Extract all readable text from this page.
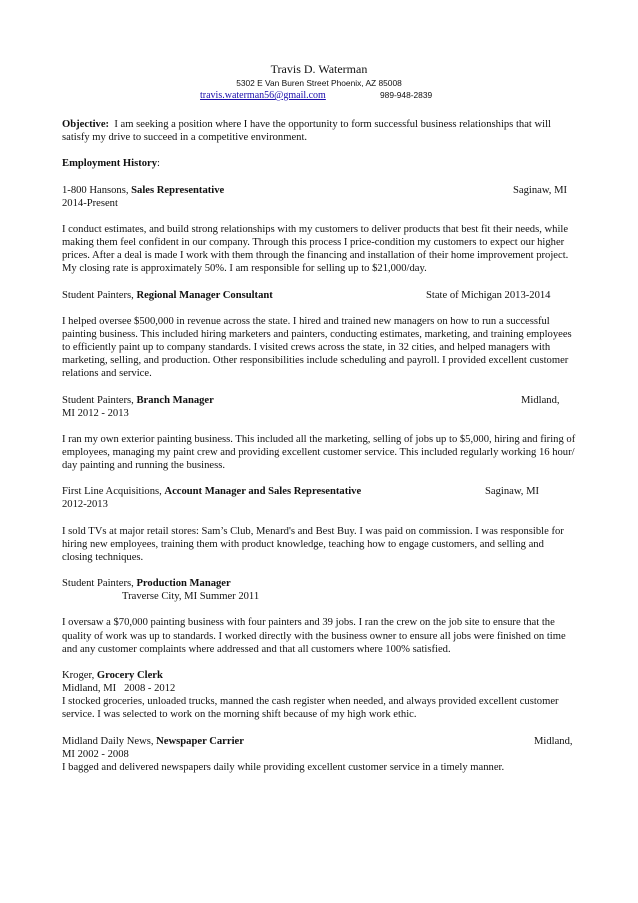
Travis D. Waterman
5302 E Van Buren Street Phoenix, AZ 85008
travis.waterman56@gmail.com	989-948-2839

Objective: I am seeking a position where I have the opportunity to form successful business relationships that will satisfy my drive to succeed in a competitive environment.

Employment History:

1-800 Hansons, Sales Representative	Saginaw, MI

2014-Present

I conduct estimates, and build strong relationships with my customers to deliver products that best fit their needs, while making them feel confident in our company. Through this process I price-condition my customers to expect our higher prices. After a deal is made I work with them through the financing and installation of their home improvement project. My closing rate is approximately 50%. I am responsible for selling up to $21,000/day.

Student Painters, Regional Manager Consultant	State of Michigan 2013-2014

I helped oversee $500,000 in revenue across the state. I hired and trained new managers on how to run a successful painting business. This included hiring marketers and painters, conducting estimates, marketing, and training employees to efficiently paint up to company standards. I visited crews across the state, in 32 cities, and helped managers with marketing, selling, and production. Other responsibilities include scheduling and payroll. I provided excellent customer relations and service.

Student Painters, Branch Manager	Midland,

MI 2012 - 2013

I ran my own exterior painting business. This included all the marketing, selling of jobs up to $5,000, hiring and firing of employees, managing my paint crew and providing excellent customer service. This included regularly working 16 hour/ day painting and running the business.

First Line Acquisitions, Account Manager and Sales Representative	Saginaw, MI

2012-2013

I sold TVs at major retail stores: Sam’s Club, Menard's and Best Buy. I was paid on commission. I was responsible for hiring new employees, training them with product knowledge, teaching how to engage customers, and selling and closing techniques.

Student Painters, Production Manager

Traverse City, MI Summer 2011

I oversaw a $70,000 painting business with four painters and 39 jobs. I ran the crew on the job site to ensure that the quality of work was up to standards. I worked directly with the business owner to ensure all jobs were finished on time and any customer complaints where addressed and that all customers where 100% satisfied.

Kroger, Grocery Clerk

Midland, MI   2008 - 2012

I stocked groceries, unloaded trucks, manned the cash register when needed, and always provided excellent customer service. I was selected to work on the morning shift because of my high work ethic.

Midland Daily News, Newspaper Carrier	Midland,

MI 2002 - 2008

I bagged and delivered newspapers daily while providing excellent customer service in a timely manner.
